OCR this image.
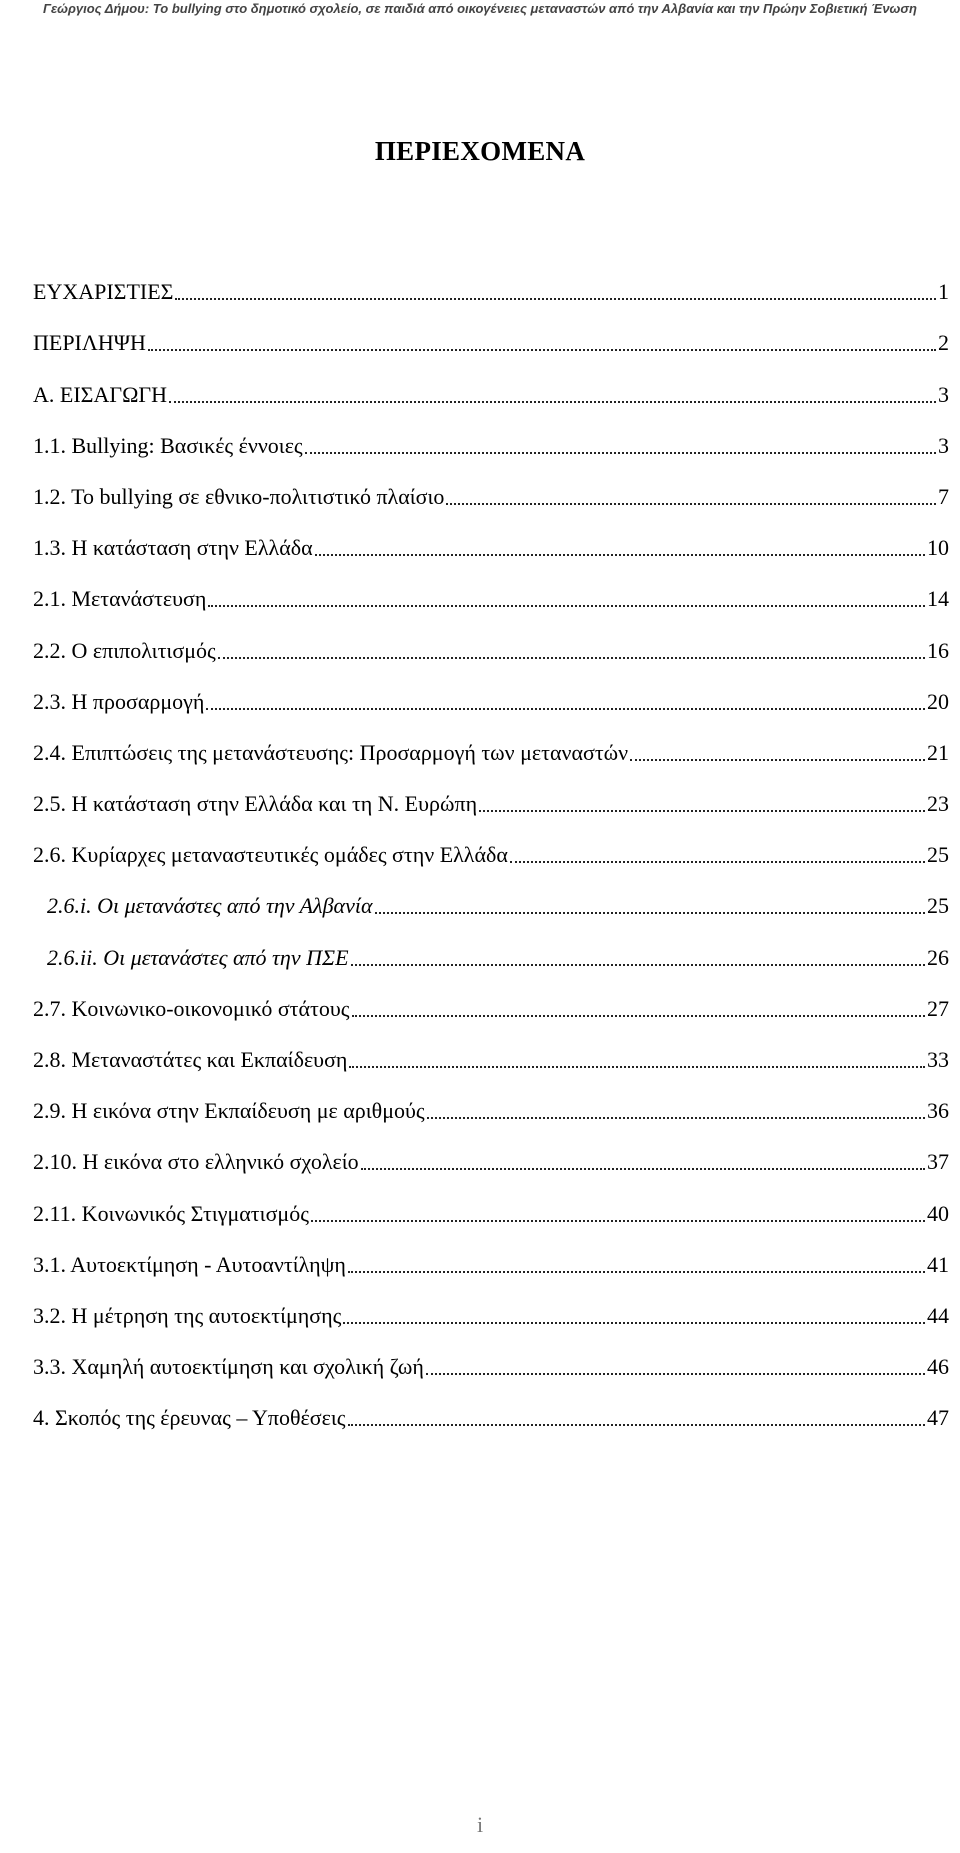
Γεώργιος Δήμου: Το bullying στο δημοτικό σχολείο, σε παιδιά από οικογένειες μεταναστών από την Αλβανία και την Πρώην Σοβιετική Ένωση
ΠΕΡΙΕΧΟΜΕΝΑ
ΕΥΧΑΡΙΣΤΙΕΣ	1
ΠΕΡΙΛΗΨΗ	2
Α. ΕΙΣΑΓΩΓΗ	3
1.1. Bullying: Βασικές έννοιες	3
1.2. Το bullying σε εθνικο-πολιτιστικό πλαίσιο	7
1.3. Η κατάσταση στην Ελλάδα	10
2.1. Μετανάστευση	14
2.2. Ο επιπολιτισμός	16
2.3. Η προσαρμογή	20
2.4. Επιπτώσεις της μετανάστευσης: Προσαρμογή των μεταναστών	21
2.5. Η κατάσταση στην Ελλάδα και τη Ν. Ευρώπη	23
2.6. Κυρίαρχες μεταναστευτικές ομάδες στην Ελλάδα	25
2.6.i. Οι μετανάστες από την Αλβανία	25
2.6.ii. Οι μετανάστες από την ΠΣΕ	26
2.7. Κοινωνικο-οικονομικό στάτους	27
2.8. Μεταναστάτες και Εκπαίδευση	33
2.9. Η εικόνα στην Εκπαίδευση με αριθμούς	36
2.10. Η εικόνα στο ελληνικό σχολείο	37
2.11. Κοινωνικός Στιγματισμός	40
3.1. Αυτοεκτίμηση - Αυτοαντίληψη	41
3.2. Η μέτρηση της αυτοεκτίμησης	44
3.3. Χαμηλή αυτοεκτίμηση και σχολική ζωή	46
4. Σκοπός της έρευνας – Υποθέσεις	47
i
